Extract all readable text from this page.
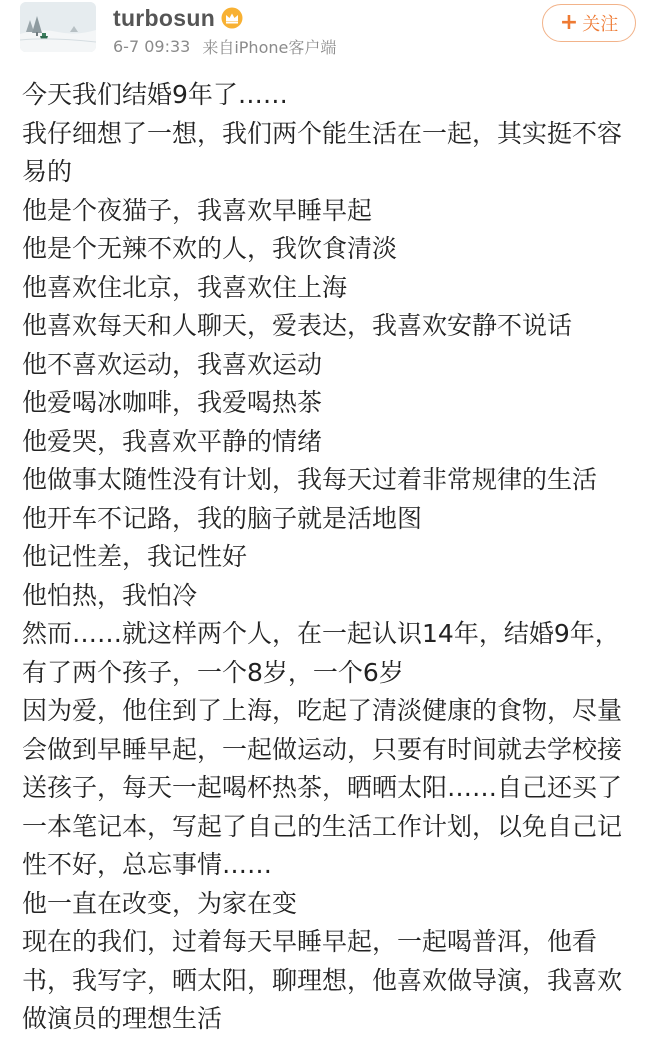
turbosun
6-7 09:33 来自iPhone客户端
+ 关注
今天我们结婚9年了……
我仔细想了一想，我们两个能生活在一起，其实挺不容
易的
他是个夜猫子，我喜欢早睡早起
他是个无辣不欢的人，我饮食清淡
他喜欢住北京，我喜欢住上海
他喜欢每天和人聊天，爱表达，我喜欢安静不说话
他不喜欢运动，我喜欢运动
他爱喝冰咖啡，我爱喝热茶
他爱哭，我喜欢平静的情绪
他做事太随性没有计划，我每天过着非常规律的生活
他开车不记路，我的脑子就是活地图
他记性差，我记性好
他怕热，我怕冷
然而……就这样两个人，在一起认识14年，结婚9年，
有了两个孩子，一个8岁，一个6岁
因为爱，他住到了上海，吃起了清淡健康的食物，尽量
会做到早睡早起，一起做运动，只要有时间就去学校接
送孩子，每天一起喝杯热茶，晒晒太阳……自己还买了
一本笔记本，写起了自己的生活工作计划，以免自己记
性不好，总忘事情……
他一直在改变，为家在变
现在的我们，过着每天早睡早起，一起喝普洱，他看
书，我写字，晒太阳，聊理想，他喜欢做导演，我喜欢
做演员的理想生活
